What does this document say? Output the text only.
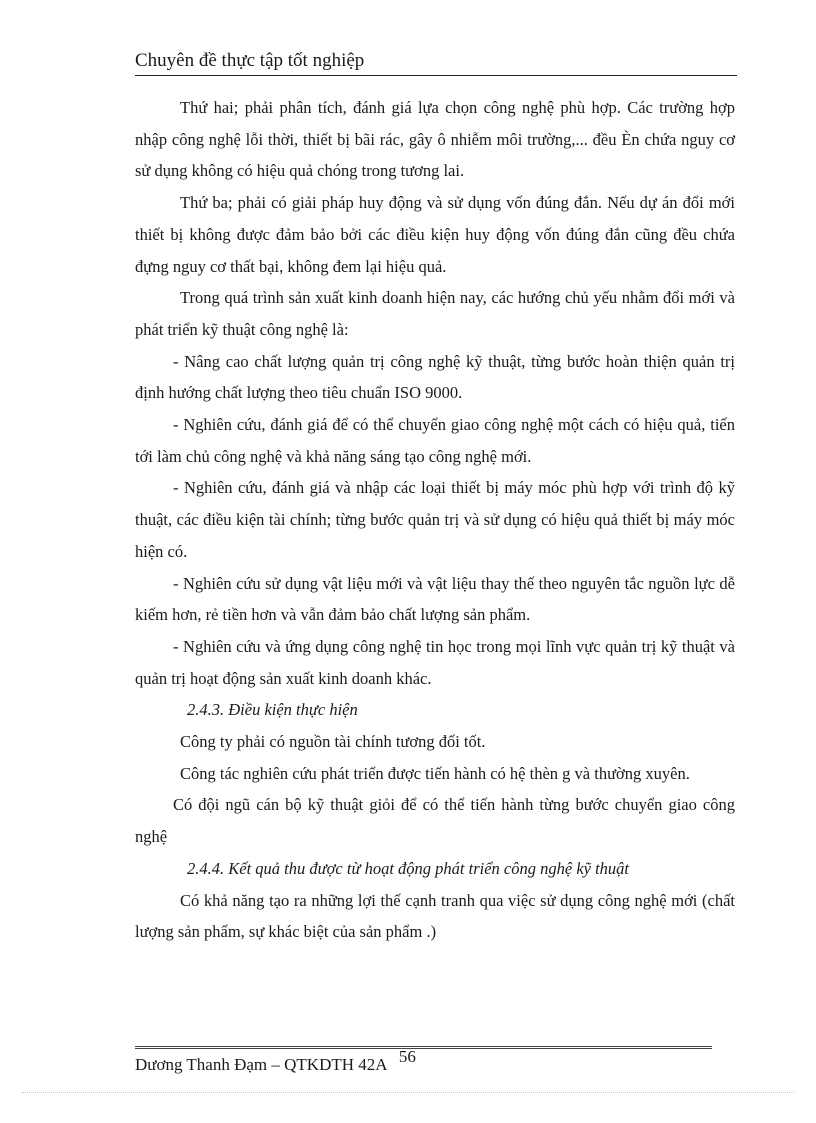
Chuyên đề thực tập tốt nghiệp

Thứ hai; phải phân tích, đánh giá lựa chọn công nghệ phù hợp. Các trường hợp nhập công nghệ lỗi thời, thiết bị bãi rác, gây ô nhiễm môi trường,... đều Èn chứa nguy cơ sử dụng không có hiệu quả chóng trong tương lai.

Thứ ba; phải có giải pháp huy động và sử dụng vốn đúng đắn. Nếu dự án đổi mới thiết bị không được đảm bảo bởi các điều kiện huy động vốn đúng đắn cũng đều chứa đựng nguy cơ thất bại, không đem lại hiệu quả.

Trong quá trình sản xuất kinh doanh hiện nay, các hướng chủ yếu nhằm đổi mới và phát triển kỹ thuật công nghệ là:

- Nâng cao chất lượng quản trị công nghệ kỹ thuật, từng bước hoàn thiện quản trị định hướng chất lượng theo tiêu chuẩn ISO 9000.

- Nghiên cứu, đánh giá để có thể chuyển giao công nghệ một cách có hiệu quả, tiến tới làm chủ công nghệ và khả năng sáng tạo công nghệ mới.

- Nghiên cứu, đánh giá và nhập các loại thiết bị máy móc phù hợp với trình độ kỹ thuật, các điều kiện tài chính; từng bước quản trị và sử dụng có hiệu quả thiết bị máy móc hiện có.

- Nghiên cứu sử dụng vật liệu mới và vật liệu thay thế theo nguyên tắc nguồn lực dễ kiếm hơn, rẻ tiền hơn và vẫn đảm bảo chất lượng sản phẩm.

- Nghiên cứu và ứng dụng công nghệ tin học trong mọi lĩnh vực quản trị kỹ thuật và quản trị hoạt động sản xuất kinh doanh khác.

2.4.3. Điều kiện thực hiện

Công ty phải có nguồn tài chính tương đối tốt.

Công tác nghiên cứu phát triển được tiến hành có hệ thèn g và thường xuyên.

Có đội ngũ cán bộ kỹ thuật giỏi để có thể tiến hành từng bước chuyển giao công nghệ

2.4.4. Kết quả thu được từ hoạt động phát triển công nghệ kỹ thuật

Có khả năng tạo ra những lợi thế cạnh tranh qua việc sử dụng công nghệ mới (chất lượng sản phẩm, sự khác biệt của sản phẩm .)

Dương Thanh Đạm – QTKDTH 42A 56
